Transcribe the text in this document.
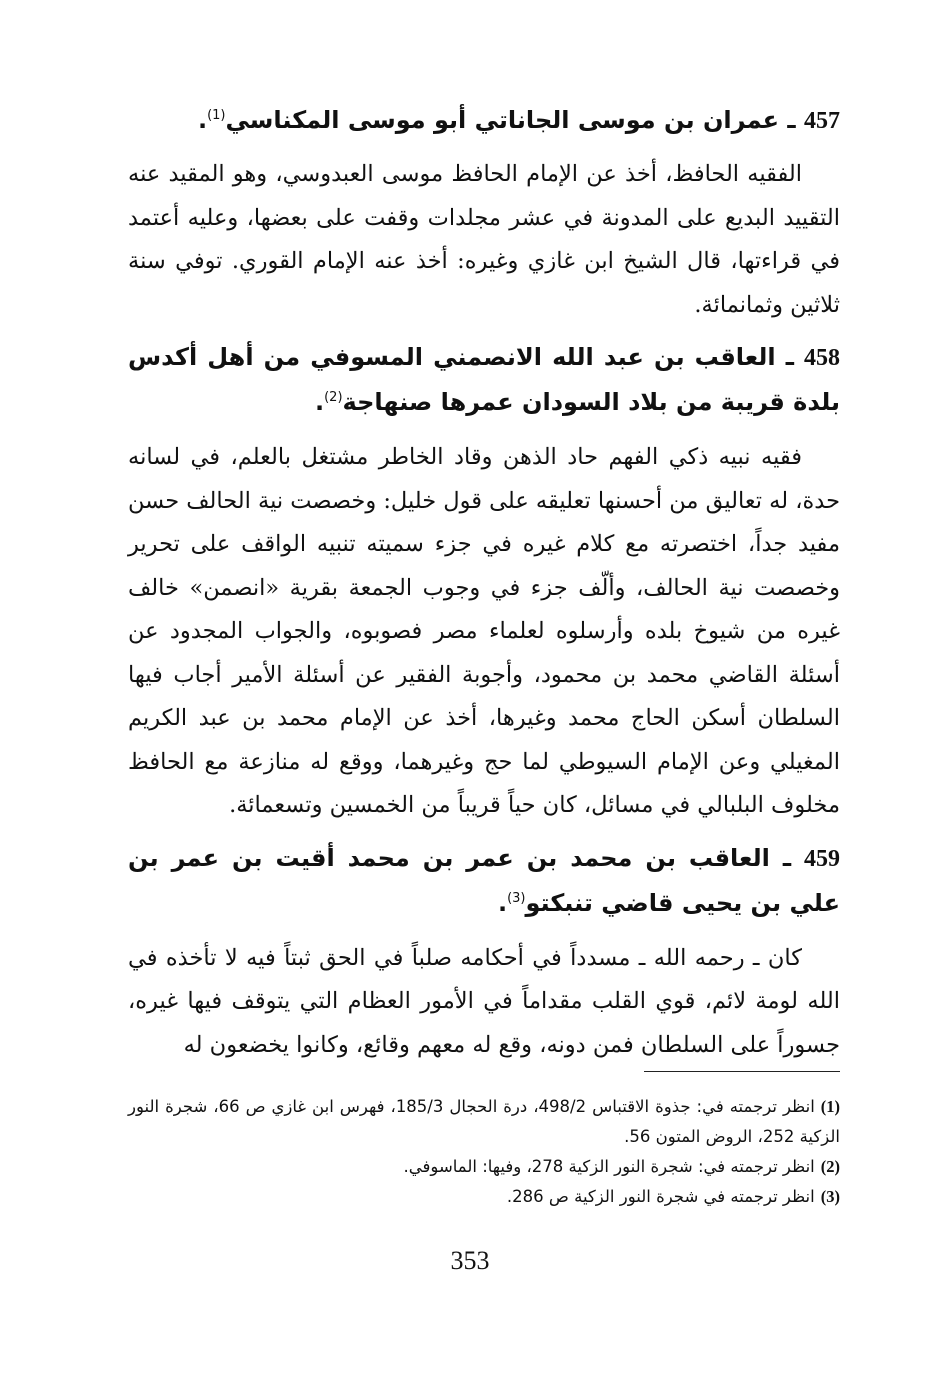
457 ـ عمران بن موسى الجاناتي أبو موسى المكناسي$^{(1)}$.

الفقيه الحافظ، أخذ عن الإمام الحافظ موسى العبدوسي، وهو المقيد عنه التقييد البديع على المدونة في عشر مجلدات وقفت على بعضها، وعليه أعتمد في قراءتها، قال الشيخ ابن غازي وغيره: أخذ عنه الإمام القوري. توفي سنة ثلاثين وثمانمائة.

458 ـ العاقب بن عبد الله الانصمني المسوفي من أهل أكدس بلدة قريبة من بلاد السودان عمرها صنهاجة$^{(2)}$.

فقيه نبيه ذكي الفهم حاد الذهن وقاد الخاطر مشتغل بالعلم، في لسانه حدة، له تعاليق من أحسنها تعليقه على قول خليل: وخصصت نية الحالف حسن مفيد جداً، اختصرته مع كلام غيره في جزء سميته تنبيه الواقف على تحرير وخصصت نية الحالف، وألّف جزء في وجوب الجمعة بقرية «انصمن» خالف غيره من شيوخ بلده وأرسلوه لعلماء مصر فصوبوه، والجواب المجدود عن أسئلة القاضي محمد بن محمود، وأجوبة الفقير عن أسئلة الأمير أجاب فيها السلطان أسكن الحاج محمد وغيرها، أخذ عن الإمام محمد بن عبد الكريم المغيلي وعن الإمام السيوطي لما حج وغيرهما، ووقع له منازعة مع الحافظ مخلوف البلبالي في مسائل، كان حياً قريباً من الخمسين وتسعمائة.

459 ـ العاقب بن محمد بن عمر بن محمد أقيت بن عمر بن علي بن يحيى قاضي تنبكتو$^{(3)}$.

كان ـ رحمه الله ـ مسدداً في أحكامه صلباً في الحق ثبتاً فيه لا تأخذه في الله لومة لائم، قوي القلب مقداماً في الأمور العظام التي يتوقف فيها غيره، جسوراً على السلطان فمن دونه، وقع له معهم وقائع، وكانوا يخضعون له

(1)انظر ترجمته في: جذوة الاقتباس 498/2، درة الحجال 185/3، فهرس ابن غازي ص 66، شجرة النور الزكية 252، الروض المتون 56.

(2)انظر ترجمته في: شجرة النور الزكية 278، وفيها: الماسوفي.

(3)انظر ترجمته في شجرة النور الزكية ص 286.

353
